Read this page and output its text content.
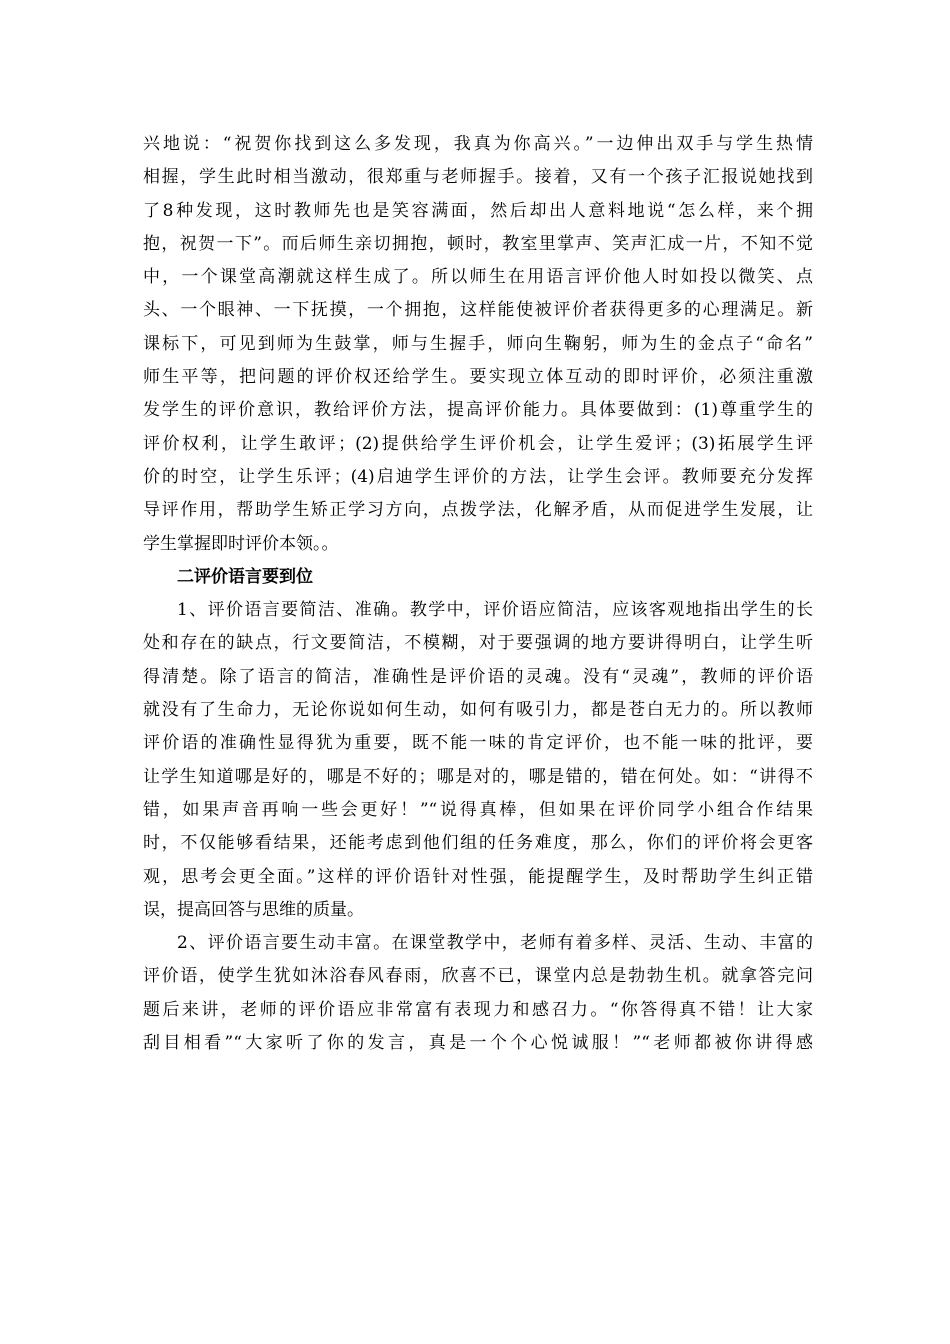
兴地说：“祝贺你找到这么多发现，我真为你高兴。”一边伸出双手与学生热情
相握，学生此时相当激动，很郑重与老师握手。接着，又有一个孩子汇报说她找到
了8种发现，这时教师先也是笑容满面，然后却出人意料地说“怎么样，来个拥
抱，祝贺一下”。而后师生亲切拥抱，顿时，教室里掌声、笑声汇成一片，不知不觉
中，一个课堂高潮就这样生成了。所以师生在用语言评价他人时如投以微笑、点
头、一个眼神、一下抚摸，一个拥抱，这样能使被评价者获得更多的心理满足。新
课标下，可见到师为生鼓掌，师与生握手，师向生鞠躬，师为生的金点子“命名”
师生平等，把问题的评价权还给学生。要实现立体互动的即时评价，必须注重激
发学生的评价意识，教给评价方法，提高评价能力。具体要做到：(1)尊重学生的
评价权利，让学生敢评；(2)提供给学生评价机会，让学生爱评；(3)拓展学生评
价的时空，让学生乐评；(4)启迪学生评价的方法，让学生会评。教师要充分发挥
导评作用，帮助学生矫正学习方向，点拨学法，化解矛盾，从而促进学生发展，让
学生掌握即时评价本领。。
二评价语言要到位
1、评价语言要简洁、准确。教学中，评价语应简洁，应该客观地指出学生的长
处和存在的缺点，行文要简洁，不模糊，对于要强调的地方要讲得明白，让学生听
得清楚。除了语言的简洁，准确性是评价语的灵魂。没有“灵魂”，教师的评价语
就没有了生命力，无论你说如何生动，如何有吸引力，都是苍白无力的。所以教师
评价语的准确性显得犹为重要，既不能一味的肯定评价，也不能一味的批评，要
让学生知道哪是好的，哪是不好的；哪是对的，哪是错的，错在何处。如：“讲得不
错，如果声音再响一些会更好！”“说得真棒，但如果在评价同学小组合作结果
时，不仅能够看结果，还能考虑到他们组的任务难度，那么，你们的评价将会更客
观，思考会更全面。”这样的评价语针对性强，能提醒学生，及时帮助学生纠正错
误，提高回答与思维的质量。
2、评价语言要生动丰富。在课堂教学中，老师有着多样、灵活、生动、丰富的
评价语，使学生犹如沐浴春风春雨，欣喜不已，课堂内总是勃勃生机。就拿答完问
题后来讲，老师的评价语应非常富有表现力和感召力。“你答得真不错！让大家
刮目相看”“大家听了你的发言，真是一个个心悦诚服！”“老师都被你讲得感
